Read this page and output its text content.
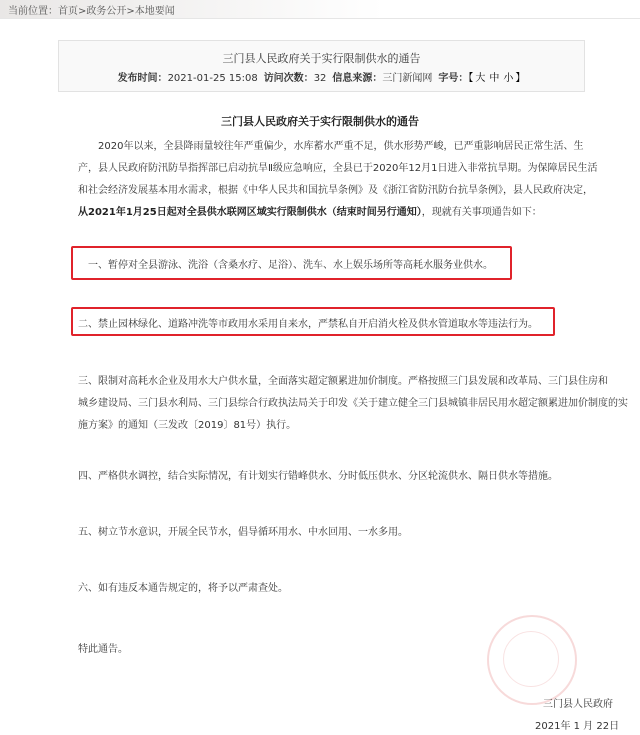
当前位置：首页>政务公开>本地要闻
三门县人民政府关于实行限制供水的通告
发布时间：2021-01-25 15:08 访问次数：32 信息来源：三门新闻网 字号：【 大 中 小 】
三门县人民政府关于实行限制供水的通告
2020年以来，全县降雨量较往年严重偏少，水库蓄水严重不足，供水形势严峻，已严重影响居民正常生活、生产，县人民政府防汛防旱指挥部已启动抗旱Ⅱ级应急响应，全县已于2020年12月1日进入非常抗旱期。为保障居民生活和社会经济发展基本用水需求，根据《中华人民共和国抗旱条例》及《浙江省防汛防台抗旱条例》，县人民政府决定，从2021年1月25日起对全县供水联网区域实行限制供水（结束时间另行通知），现就有关事项通告如下：
一、暂停对全县游泳、洗浴（含桑水疗、足浴）、洗车、水上娱乐场所等高耗水服务业供水。
二、禁止园林绿化、道路冲洗等市政用水采用自来水，严禁私自开启消火栓及供水管道取水等违法行为。
三、限制对高耗水企业及用水大户供水量，全面落实超定额累进加价制度。严格按照三门县发展和改革局、三门县住房和
城乡建设局、三门县水利局、三门县综合行政执法局关于印发《关于建立健全三门县城镇非居民用水超定额累进加价制度的实
施方案》的通知（三发改〔2019〕81号）执行。
四、严格供水调控，结合实际情况，有计划实行错峰供水、分时低压供水、分区轮流供水、隔日供水等措施。
五、树立节水意识，开展全民节水，倡导循环用水、中水回用、一水多用。
六、如有违反本通告规定的，将予以严肃查处。
特此通告。
三门县人民政府
2021年 1 月 22日
